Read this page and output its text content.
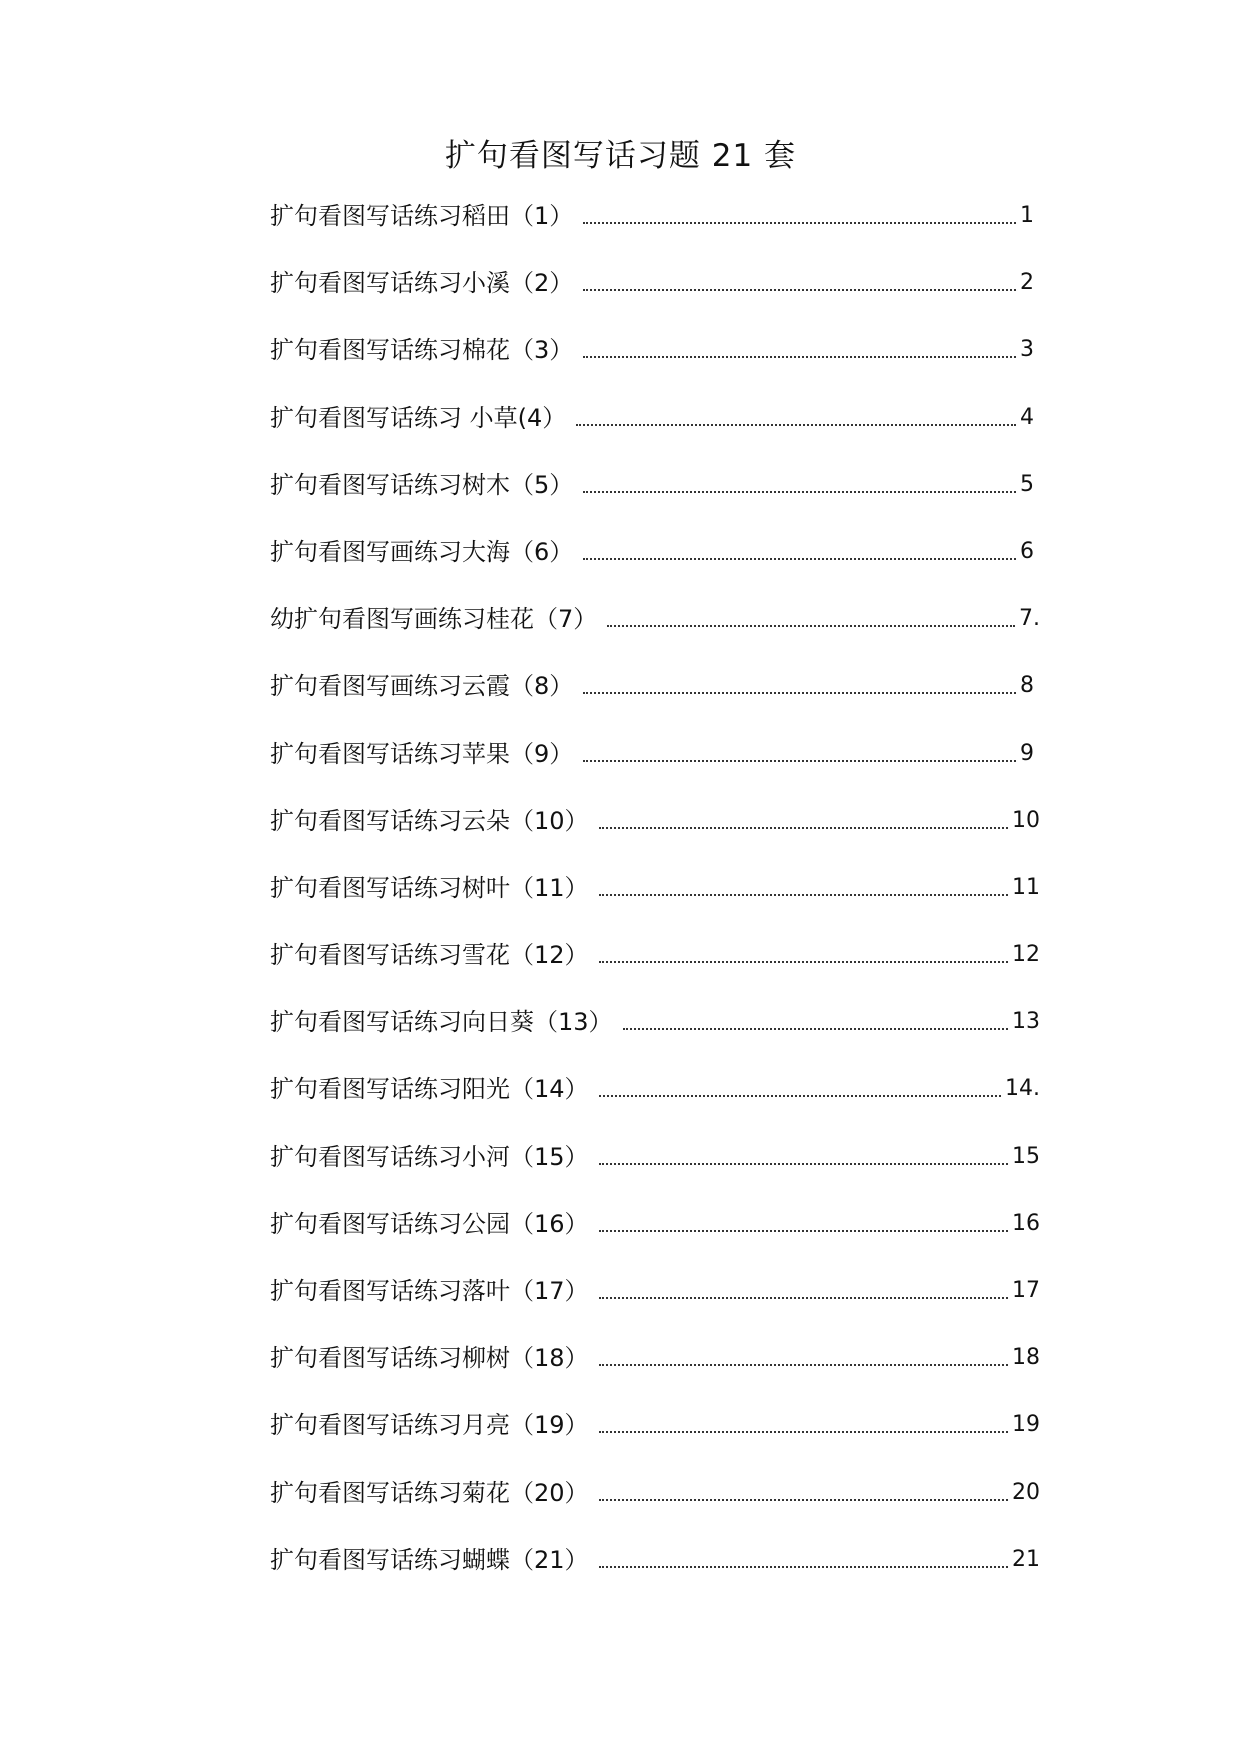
扩句看图写话习题 21 套
扩句看图写话练习稻田（1）	1
扩句看图写话练习小溪（2）	2
扩句看图写话练习棉花（3）	3
扩句看图写话练习 小草(4）	4
扩句看图写话练习树木（5）	5
扩句看图写画练习大海（6）	6
幼扩句看图写画练习桂花（7）	7.
扩句看图写画练习云霞（8）	8
扩句看图写话练习苹果（9）	9
扩句看图写话练习云朵（10）	10
扩句看图写话练习树叶（11）	11
扩句看图写话练习雪花（12）	12
扩句看图写话练习向日葵（13）	13
扩句看图写话练习阳光（14）	14.
扩句看图写话练习小河（15）	15
扩句看图写话练习公园（16）	16
扩句看图写话练习落叶（17）	17
扩句看图写话练习柳树（18）	18
扩句看图写话练习月亮（19）	19
扩句看图写话练习菊花（20）	20
扩句看图写话练习蝴蝶（21）	21
